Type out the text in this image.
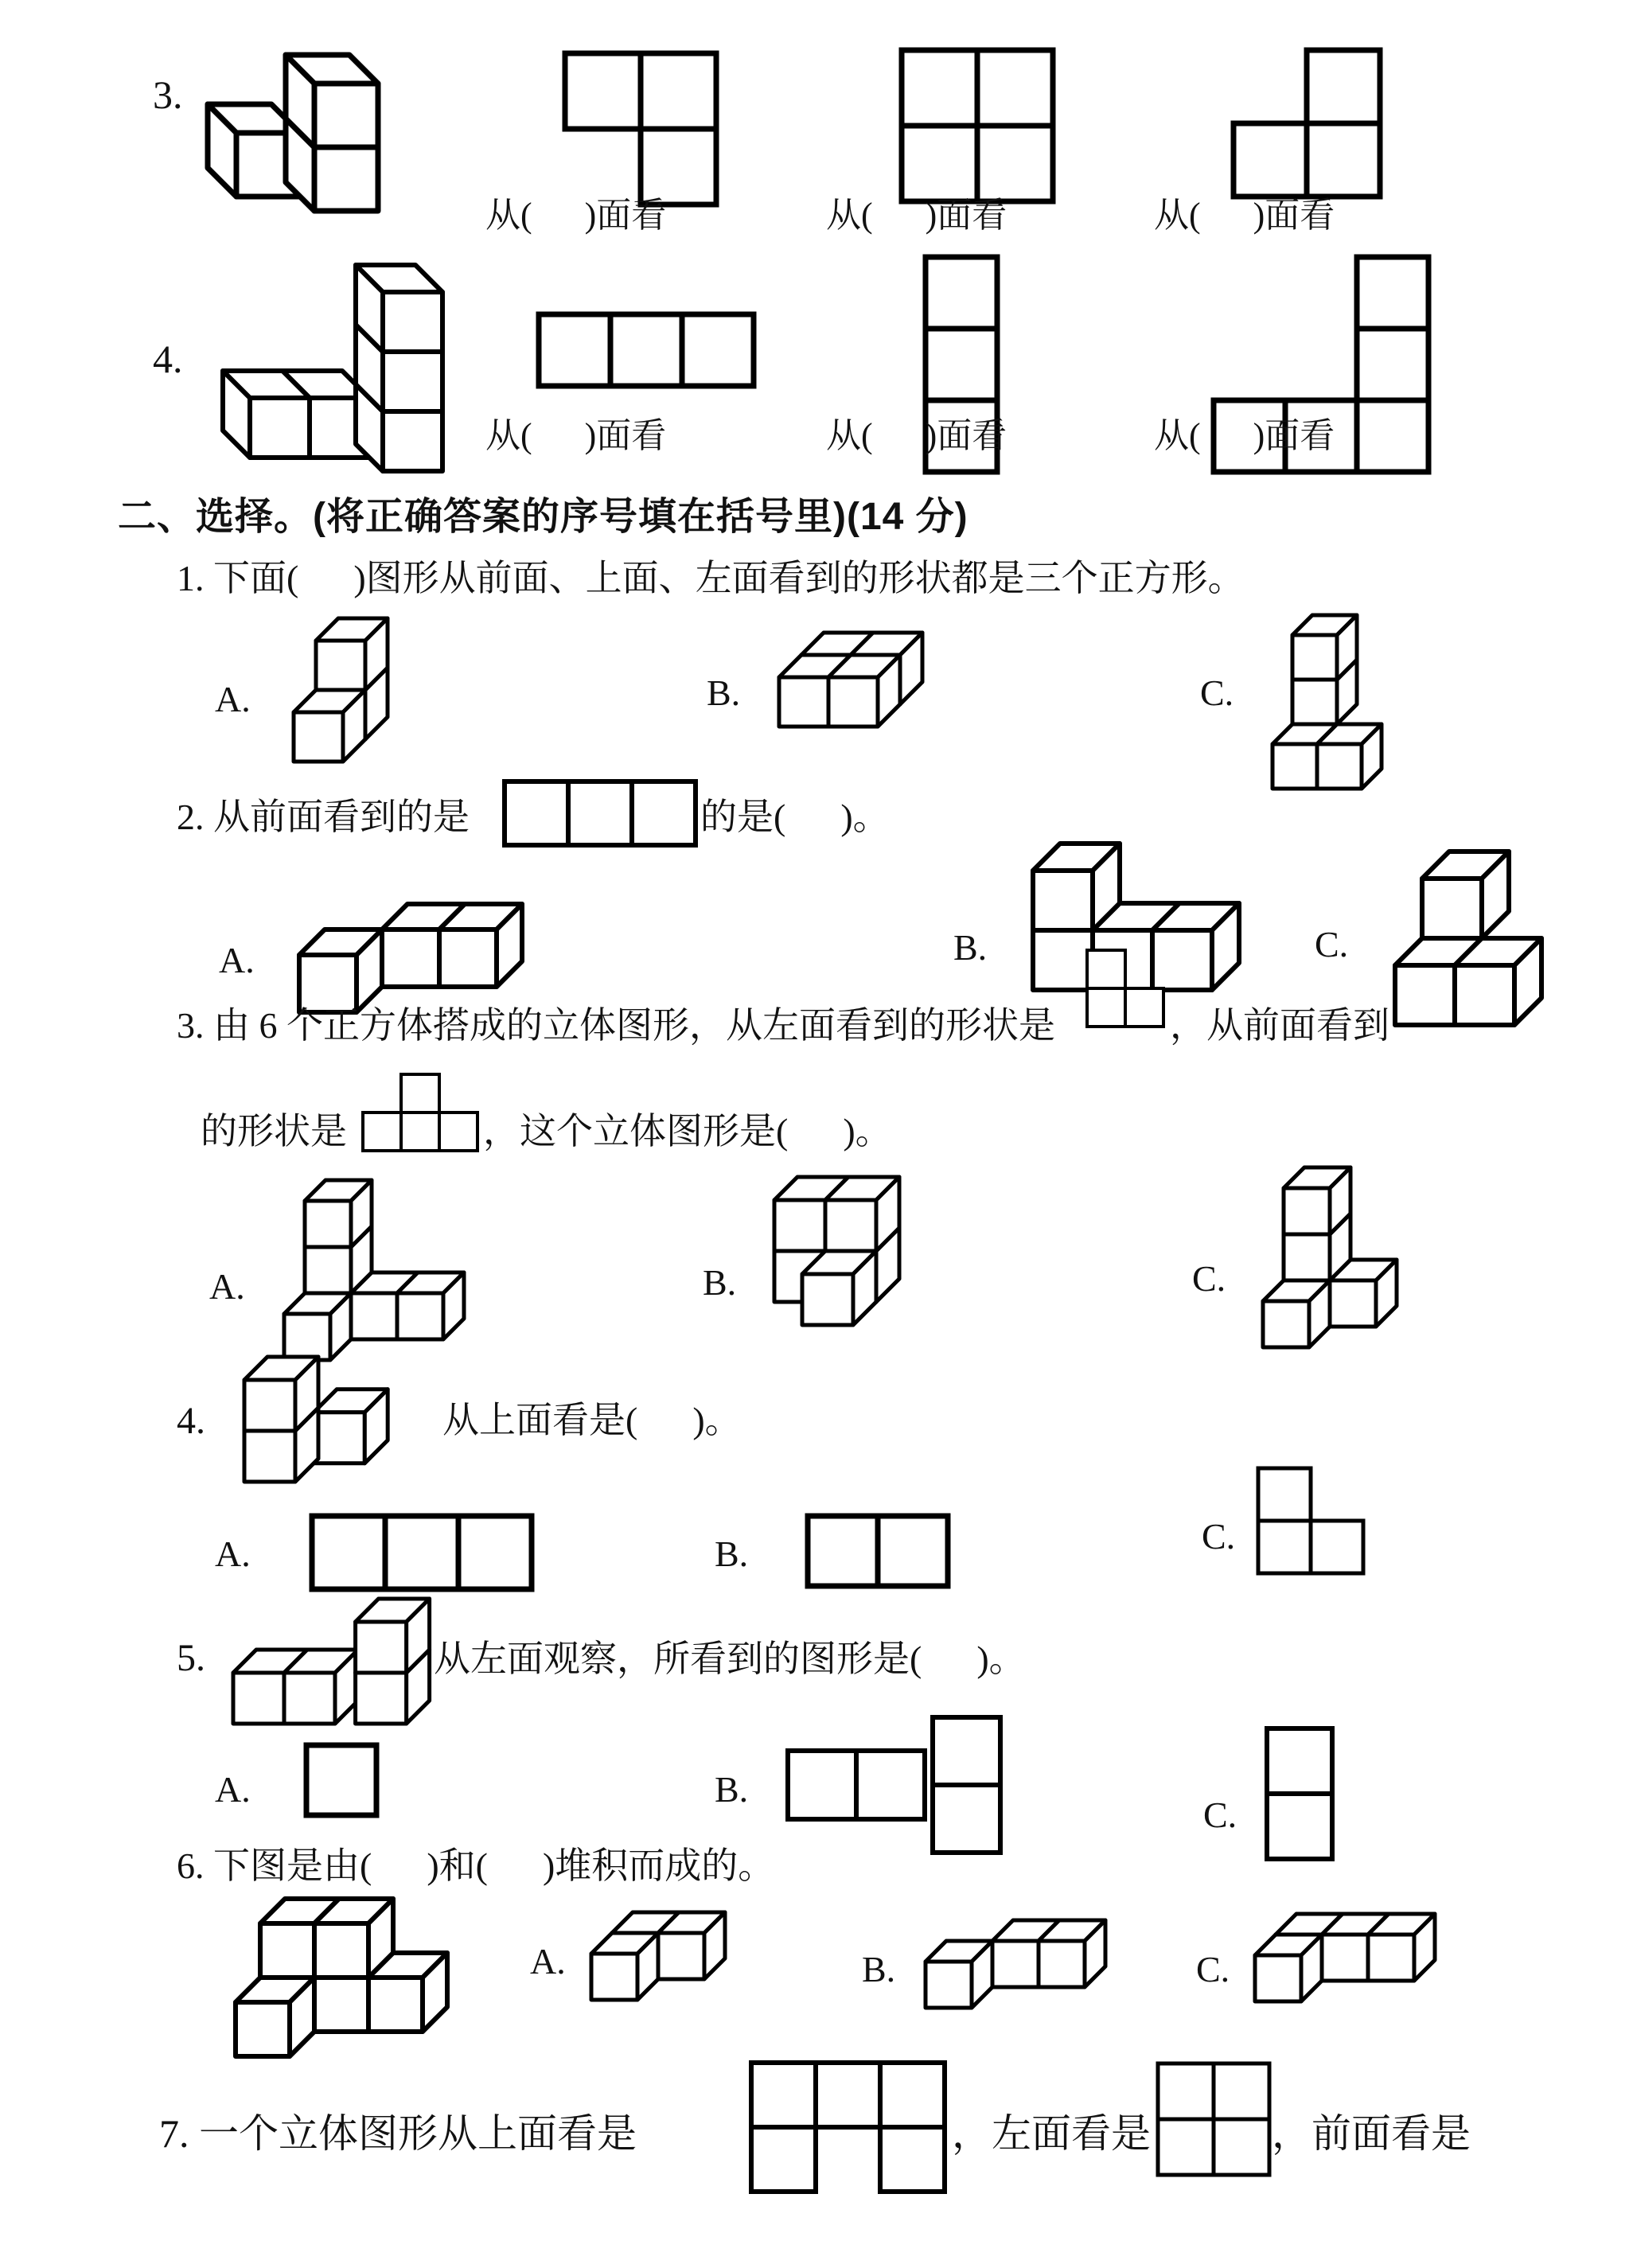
3.
从(      )面看	从(      )面看	从(      )面看
4.
从(      )面看	从(      )面看	从(      )面看
二、选择。(将正确答案的序号填在括号里)(14 分)
1. 下面(      )图形从前面、上面、左面看到的形状都是三个正方形。
A.	B.	C.
2. 从前面看到的是	的是(      )。
A.	B.	C.
3. 由 6 个正方体搭成的立体图形，从左面看到的形状是	，从前面看到
的形状是	，这个立体图形是(      )。
A.	B.	C.
4.	从上面看是(      )。
A.	B.	C.
5.	从左面观察，所看到的图形是(      )。
A.	B.
C.
6. 下图是由(      )和(      )堆积而成的。
A.	B.	C.
7. 一个立体图形从上面看是	，左面看是	，前面看是
